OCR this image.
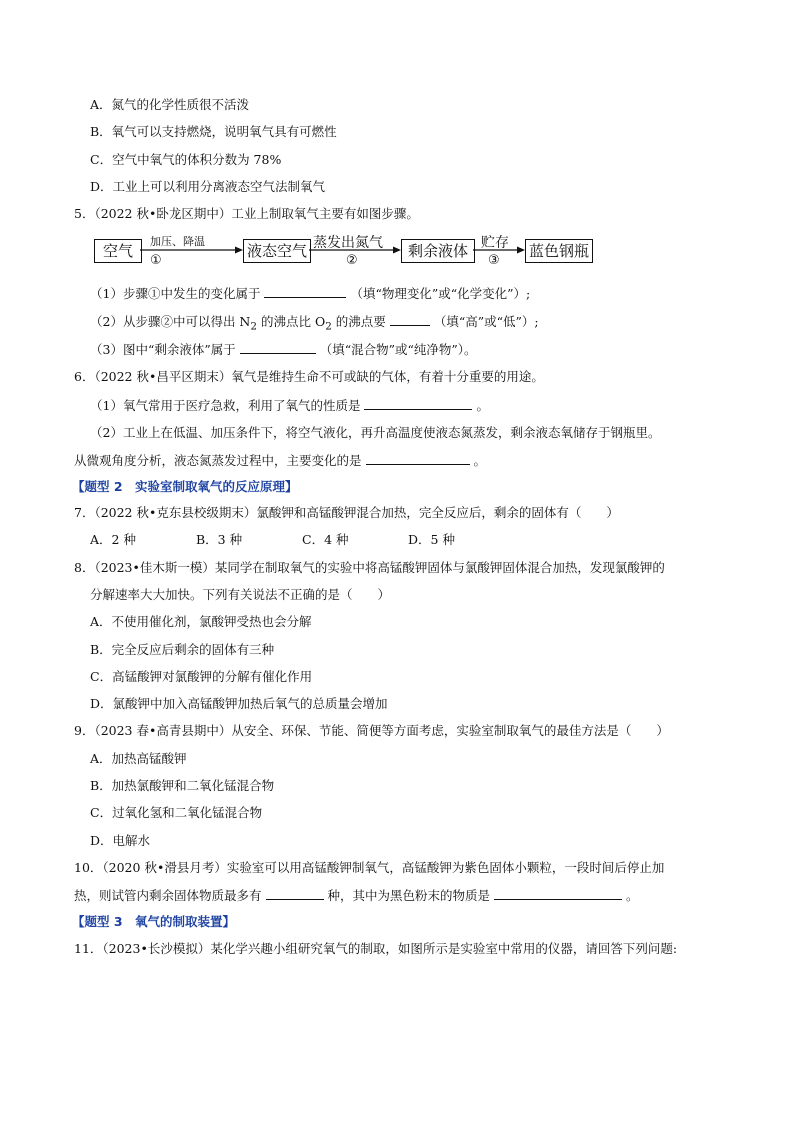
A．氮气的化学性质很不活泼
B．氧气可以支持燃烧，说明氧气具有可燃性
C．空气中氧气的体积分数为 78%
D．工业上可以利用分离液态空气法制氧气
5．（2022 秋•卧龙区期中）工业上制取氧气主要有如图步骤。
空气
加压、降温
①
液态空气 蒸发出氮气
②
剩余液体 贮存
③
蓝色钢瓶
（1）步骤①中发生的变化属于	（填“物理变化”或“化学变化”）;
（2）从步骤②中可以得出 $N_2$ 的沸点比 $O_2$ 的沸点要	（填“高”或“低”）;
（3）图中“剩余液体”属于	（填“混合物”或“纯净物”）。
6．（2022 秋•昌平区期末）氧气是维持生命不可或缺的气体，有着十分重要的用途。
（1）氧气常用于医疗急救，利用了氧气的性质是	。
（2）工业上在低温、加压条件下，将空气液化，再升高温度使液态氮蒸发，剩余液态氧储存于钢瓶里。
从微观角度分析，液态氮蒸发过程中，主要变化的是	。
【题型 2　实验室制取氧气的反应原理】
7．（2022 秋•克东县校级期末）氯酸钾和高锰酸钾混合加热，完全反应后，剩余的固体有（　　）
A．2 种	B．3 种	C．4 种	D．5 种
8．（2023•佳木斯一模）某同学在制取氧气的实验中将高锰酸钾固体与氯酸钾固体混合加热，发现氯酸钾的
分解速率大大加快。下列有关说法不正确的是（　　）
A．不使用催化剂，氯酸钾受热也会分解
B．完全反应后剩余的固体有三种
C．高锰酸钾对氯酸钾的分解有催化作用
D．氯酸钾中加入高锰酸钾加热后氧气的总质量会增加
9．（2023 春•高青县期中）从安全、环保、节能、简便等方面考虑，实验室制取氧气的最佳方法是（　　）
A．加热高锰酸钾
B．加热氯酸钾和二氧化锰混合物
C．过氧化氢和二氧化锰混合物
D．电解水
10．（2020 秋•滑县月考）实验室可以用高锰酸钾制氧气，高锰酸钾为紫色固体小颗粒，一段时间后停止加
热，则试管内剩余固体物质最多有	种，其中为黑色粉末的物质是	。
【题型 3　氧气的制取装置】
11．（2023•长沙模拟）某化学兴趣小组研究氧气的制取，如图所示是实验室中常用的仪器，请回答下列问题:
